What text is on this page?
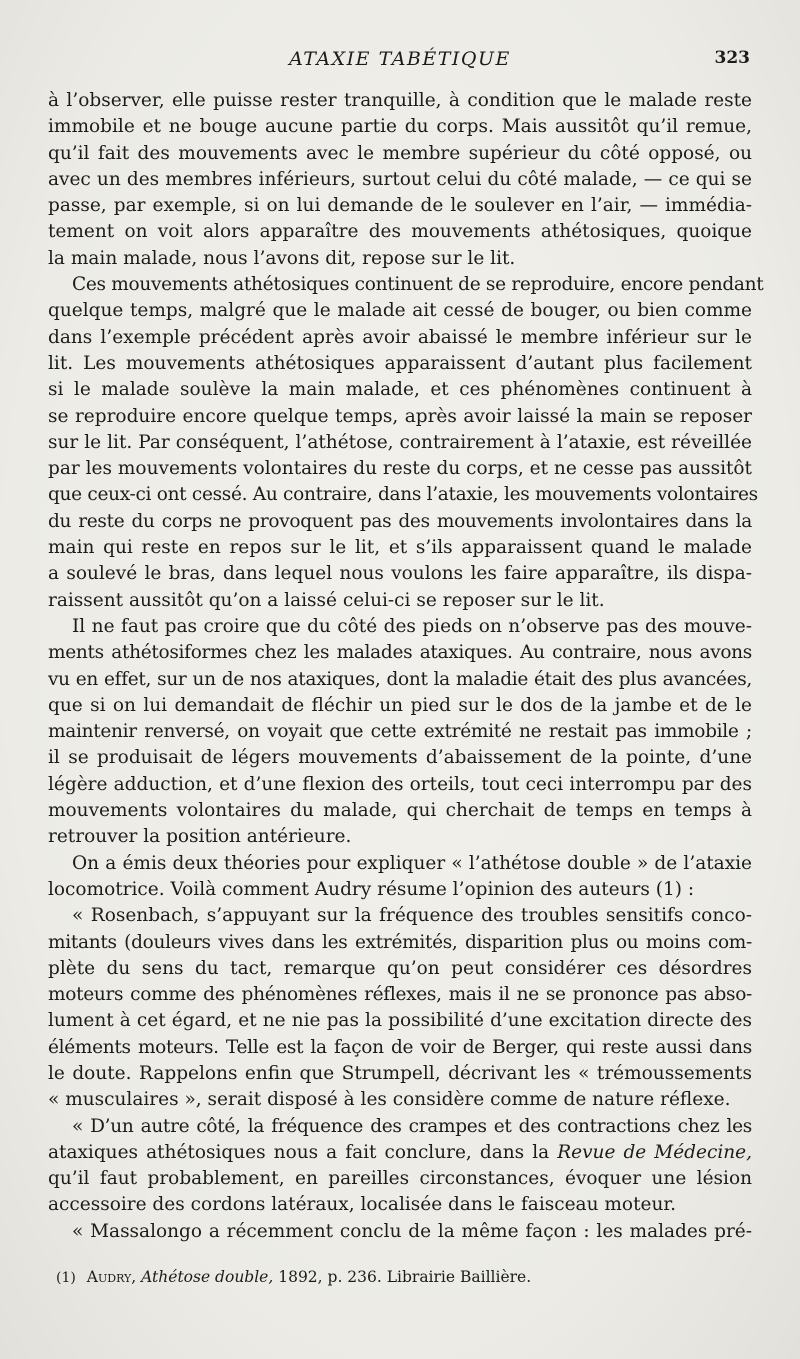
ATAXIE TABÉTIQUE	323
à l’observer, elle puisse rester tranquille, à condition que le malade reste
immobile et ne bouge aucune partie du corps. Mais aussitôt qu’il remue,
qu’il fait des mouvements avec le membre supérieur du côté opposé, ou
avec un des membres inférieurs, surtout celui du côté malade, — ce qui se
passe, par exemple, si on lui demande de le soulever en l’air, — immédia-
tement on voit alors apparaître des mouvements athétosiques, quoique
la main malade, nous l’avons dit, repose sur le lit.
Ces mouvements athétosiques continuent de se reproduire, encore pendant
quelque temps, malgré que le malade ait cessé de bouger, ou bien comme
dans l’exemple précédent après avoir abaissé le membre inférieur sur le
lit. Les mouvements athétosiques apparaissent d’autant plus facilement
si le malade soulève la main malade, et ces phénomènes continuent à
se reproduire encore quelque temps, après avoir laissé la main se reposer
sur le lit. Par conséquent, l’athétose, contrairement à l’ataxie, est réveillée
par les mouvements volontaires du reste du corps, et ne cesse pas aussitôt
que ceux-ci ont cessé. Au contraire, dans l’ataxie, les mouvements volontaires
du reste du corps ne provoquent pas des mouvements involontaires dans la
main qui reste en repos sur le lit, et s’ils apparaissent quand le malade
a soulevé le bras, dans lequel nous voulons les faire apparaître, ils dispa-
raissent aussitôt qu’on a laissé celui-ci se reposer sur le lit.
Il ne faut pas croire que du côté des pieds on n’observe pas des mouve-
ments athétosiformes chez les malades ataxiques. Au contraire, nous avons
vu en effet, sur un de nos ataxiques, dont la maladie était des plus avancées,
que si on lui demandait de fléchir un pied sur le dos de la jambe et de le
maintenir renversé, on voyait que cette extrémité ne restait pas immobile ;
il se produisait de légers mouvements d’abaissement de la pointe, d’une
légère adduction, et d’une flexion des orteils, tout ceci interrompu par des
mouvements volontaires du malade, qui cherchait de temps en temps à
retrouver la position antérieure.
On a émis deux théories pour expliquer « l’athétose double » de l’ataxie
locomotrice. Voilà comment Audry résume l’opinion des auteurs (1) :
« Rosenbach, s’appuyant sur la fréquence des troubles sensitifs conco-
mitants (douleurs vives dans les extrémités, disparition plus ou moins com-
plète du sens du tact, remarque qu’on peut considérer ces désordres
moteurs comme des phénomènes réflexes, mais il ne se prononce pas abso-
lument à cet égard, et ne nie pas la possibilité d’une excitation directe des
éléments moteurs. Telle est la façon de voir de Berger, qui reste aussi dans
le doute. Rappelons enfin que Strumpell, décrivant les « trémoussements
« musculaires », serait disposé à les considère comme de nature réflexe.
« D’un autre côté, la fréquence des crampes et des contractions chez les
ataxiques athétosiques nous a fait conclure, dans la Revue de Médecine,
qu’il faut probablement, en pareilles circonstances, évoquer une lésion
accessoire des cordons latéraux, localisée dans le faisceau moteur.
« Massalongo a récemment conclu de la même façon : les malades pré-
(1) Audry, Athétose double, 1892, p. 236. Librairie Baillière.
